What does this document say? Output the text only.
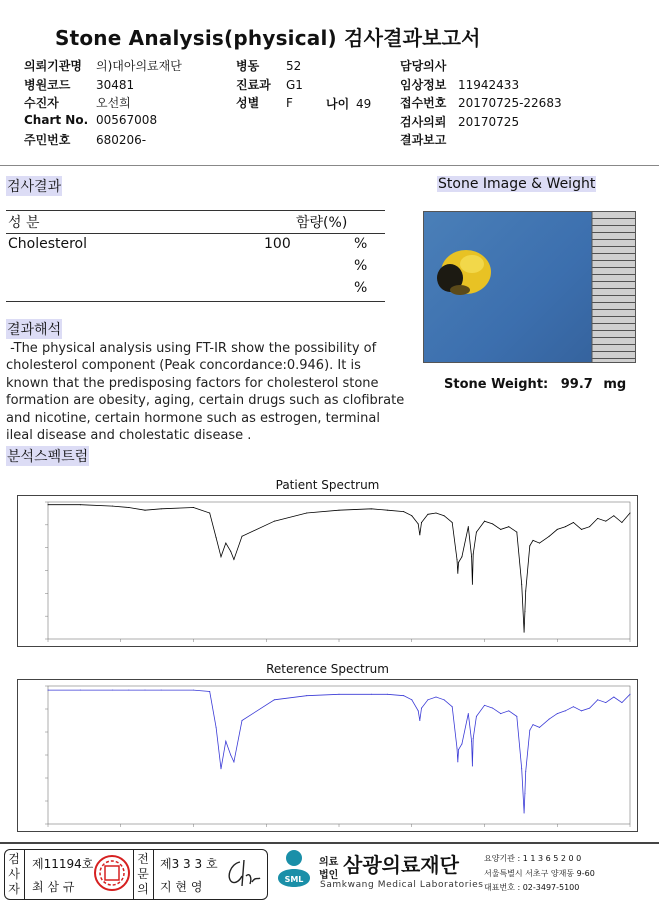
Stone Analysis(physical) 검사결과보고서
의뢰기관명 의)대아의료재단
병원코드 30481
수진자	오선희
Chart No. 00567008
주민번호 680206-
병동 52
진료과 G1
성별 F	나이 49
담당의사
임상정보 11942433
접수번호 20170725-22683
검사의뢰 20170725
결과보고
검사결과
성 분	함량(%)
Cholesterol	100	%
%
%
Stone Image & Weight
Stone Weight: 99.7 mg
결과해석
-The physical analysis using FT-IR show the possibility of
cholesterol component (Peak concordance:0.946). It is
known that the predisposing factors for cholesterol stone
formation are obesity, aging, certain drugs such as clofibrate
and nicotine, certain hormone such as estrogen, terminal
ileal disease and cholestatic disease .
분석스펙트럼
Patient Spectrum
Reterence Spectrum
검사자
제11194호
최 삼 규
전문의
제3 3 3 호
지 현 영
SML
의료
법인 삼광의료재단
Samkwang Medical Laboratories
요양기관 : 1 1 3 6 5 2 0 0
서울특별시 서초구 양재동 9-60
대표번호 : 02-3497-5100
